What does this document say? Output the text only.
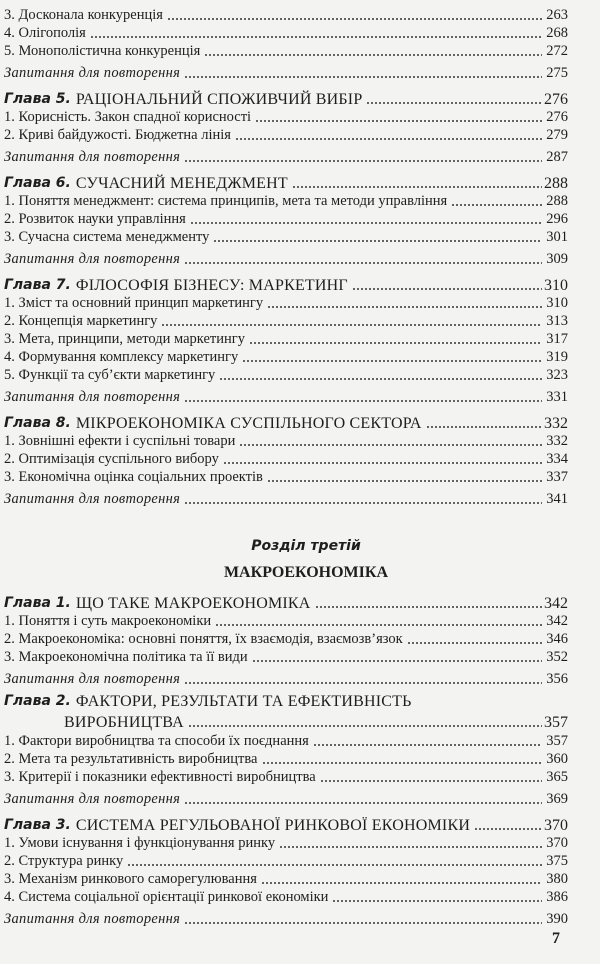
3. Досконала конкуренція	263
4. Олігополія	268
5. Монополістична конкуренція	272
Запитання для повторення	275
Глава 5. РАЦІОНАЛЬНИЙ СПОЖИВЧИЙ ВИБІР	276
1. Корисність. Закон спадної корисності	276
2. Криві байдужості. Бюджетна лінія	279
Запитання для повторення	287
Глава 6. СУЧАСНИЙ МЕНЕДЖМЕНТ	288
1. Поняття менеджмент: система принципів, мета та методи управління	288
2. Розвиток науки управління	296
3. Сучасна система менеджменту	301
Запитання для повторення	309
Глава 7. ФІЛОСОФІЯ БІЗНЕСУ: МАРКЕТИНГ	310
1. Зміст та основний принцип маркетингу	310
2. Концепція маркетингу	313
3. Мета, принципи, методи маркетингу	317
4. Формування комплексу маркетингу	319
5. Функції та суб’єкти маркетингу	323
Запитання для повторення	331
Глава 8. МІКРОЕКОНОМІКА СУСПІЛЬНОГО СЕКТОРА	332
1. Зовнішні ефекти і суспільні товари	332
2. Оптимізація суспільного вибору	334
3. Економічна оцінка соціальних проектів	337
Запитання для повторення	341
Розділ третій
МАКРОЕКОНОМІКА
Глава 1. ЩО ТАКЕ МАКРОЕКОНОМІКА	342
1. Поняття і суть макроекономіки	342
2. Макроекономіка: основні поняття, їх взаємодія, взаємозв’язок	346
3. Макроекономічна політика та її види	352
Запитання для повторення	356
Глава 2. ФАКТОРИ, РЕЗУЛЬТАТИ ТА ЕФЕКТИВНІСТЬ
ВИРОБНИЦТВА	357
1. Фактори виробництва та способи їх поєднання	357
2. Мета та результативність виробництва	360
3. Критерії і показники ефективності виробництва	365
Запитання для повторення	369
Глава 3. СИСТЕМА РЕГУЛЬОВАНОЇ РИНКОВОЇ ЕКОНОМІКИ	370
1. Умови існування і функціонування ринку	370
2. Структура ринку	375
3. Механізм ринкового саморегулювання	380
4. Система соціальної орієнтації ринкової економіки	386
Запитання для повторення	390
7
